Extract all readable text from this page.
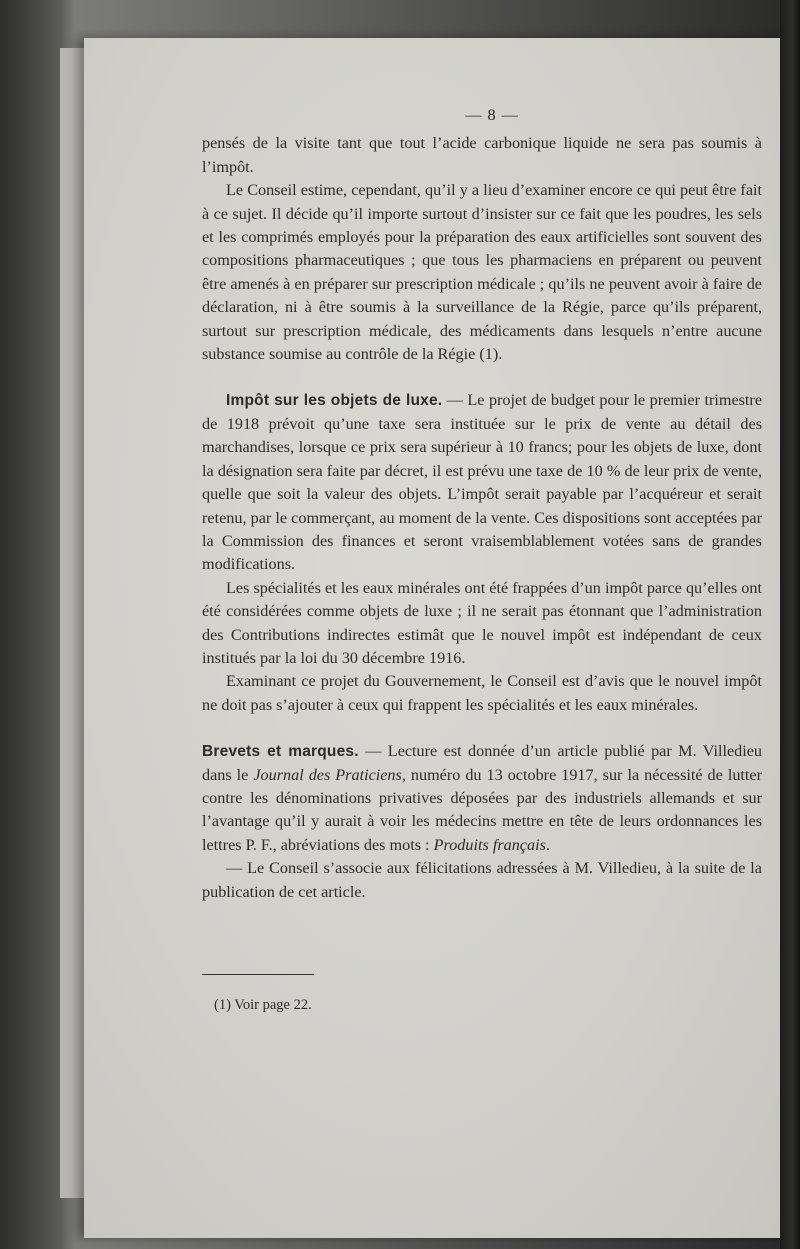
— 8 —

pensés de la visite tant que tout l’acide carbonique liquide ne sera pas soumis à l’impôt.

Le Conseil estime, cependant, qu’il y a lieu d’examiner encore ce qui peut être fait à ce sujet. Il décide qu’il importe surtout d’insister sur ce fait que les poudres, les sels et les comprimés employés pour la préparation des eaux artificielles sont souvent des compositions pharmaceutiques ; que tous les pharmaciens en préparent ou peuvent être amenés à en préparer sur prescription médicale ; qu’ils ne peuvent avoir à faire de déclaration, ni à être soumis à la surveillance de la Régie, parce qu’ils préparent, surtout sur prescription médicale, des médicaments dans lesquels n’entre aucune substance soumise au contrôle de la Régie (1).

Impôt sur les objets de luxe. — Le projet de budget pour le premier trimestre de 1918 prévoit qu’une taxe sera instituée sur le prix de vente au détail des marchandises, lorsque ce prix sera supérieur à 10 francs; pour les objets de luxe, dont la désignation sera faite par décret, il est prévu une taxe de 10 % de leur prix de vente, quelle que soit la valeur des objets. L’impôt serait payable par l’acquéreur et serait retenu, par le commerçant, au moment de la vente. Ces dispositions sont acceptées par la Commission des finances et seront vraisemblablement votées sans de grandes modifications.

Les spécialités et les eaux minérales ont été frappées d’un impôt parce qu’elles ont été considérées comme objets de luxe ; il ne serait pas étonnant que l’administration des Contributions indirectes estimât que le nouvel impôt est indépendant de ceux institués par la loi du 30 décembre 1916.

Examinant ce projet du Gouvernement, le Conseil est d’avis que le nouvel impôt ne doit pas s’ajouter à ceux qui frappent les spécialités et les eaux minérales.

Brevets et marques. — Lecture est donnée d’un article publié par M. Villedieu dans le Journal des Praticiens, numéro du 13 octobre 1917, sur la nécessité de lutter contre les dénominations privatives déposées par des industriels allemands et sur l’avantage qu’il y aurait à voir les médecins mettre en tête de leurs ordonnances les lettres P. F., abréviations des mots : Produits français.

— Le Conseil s’associe aux félicitations adressées à M. Villedieu, à la suite de la publication de cet article.

(1) Voir page 22.
